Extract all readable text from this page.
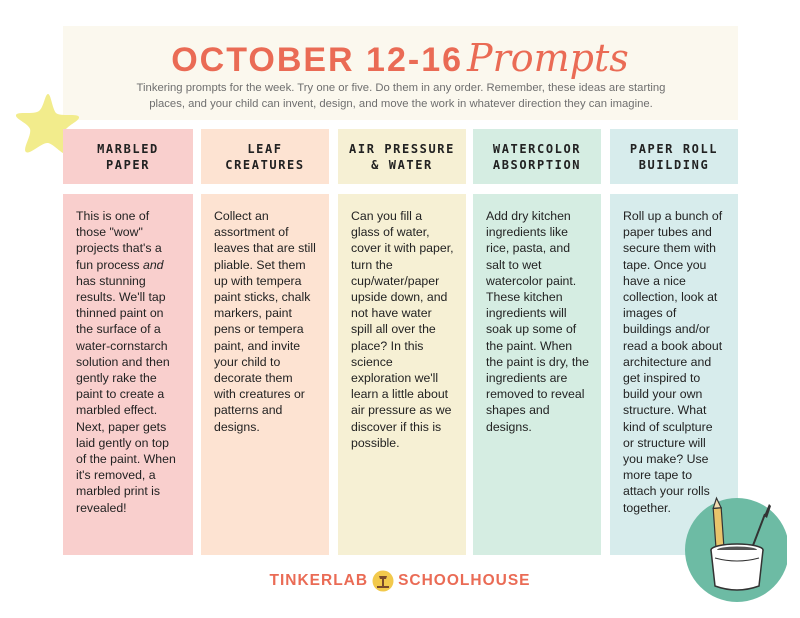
OCTOBER 12-16 Prompts
Tinkering prompts for the week. Try one or five. Do them in any order. Remember, these ideas are starting places, and your child can invent, design, and move the work in whatever direction they can imagine.
MARBLED
PAPER
LEAF
CREATURES
AIR PRESSURE
& WATER
WATERCOLOR
ABSORPTION
PAPER ROLL
BUILDING
This is one of those "wow" projects that's a fun process and has stunning results. We'll tap thinned paint on the surface of a water-cornstarch solution and then gently rake the paint to create a marbled effect. Next, paper gets laid gently on top of the paint. When it's removed, a marbled print is revealed!
Collect an assortment of leaves that are still pliable. Set them up with tempera paint sticks, chalk markers, paint pens or tempera paint, and invite your child to decorate them with creatures or patterns and designs.
Can you fill a glass of water, cover it with paper, turn the cup/water/paper upside down, and not have water spill all over the place? In this science exploration we'll learn a little about air pressure as we discover if this is possible.
Add dry kitchen ingredients like rice, pasta, and salt to wet watercolor paint. These kitchen ingredients will soak up some of the paint. When the paint is dry, the ingredients are removed to reveal shapes and designs.
Roll up a bunch of paper tubes and secure them with tape. Once you have a nice collection, look at images of buildings and/or read a book about architecture and get inspired to build your own structure. What kind of sculpture or structure will you make? Use more tape to attach your rolls together.
TINKERLAB SCHOOLHOUSE
